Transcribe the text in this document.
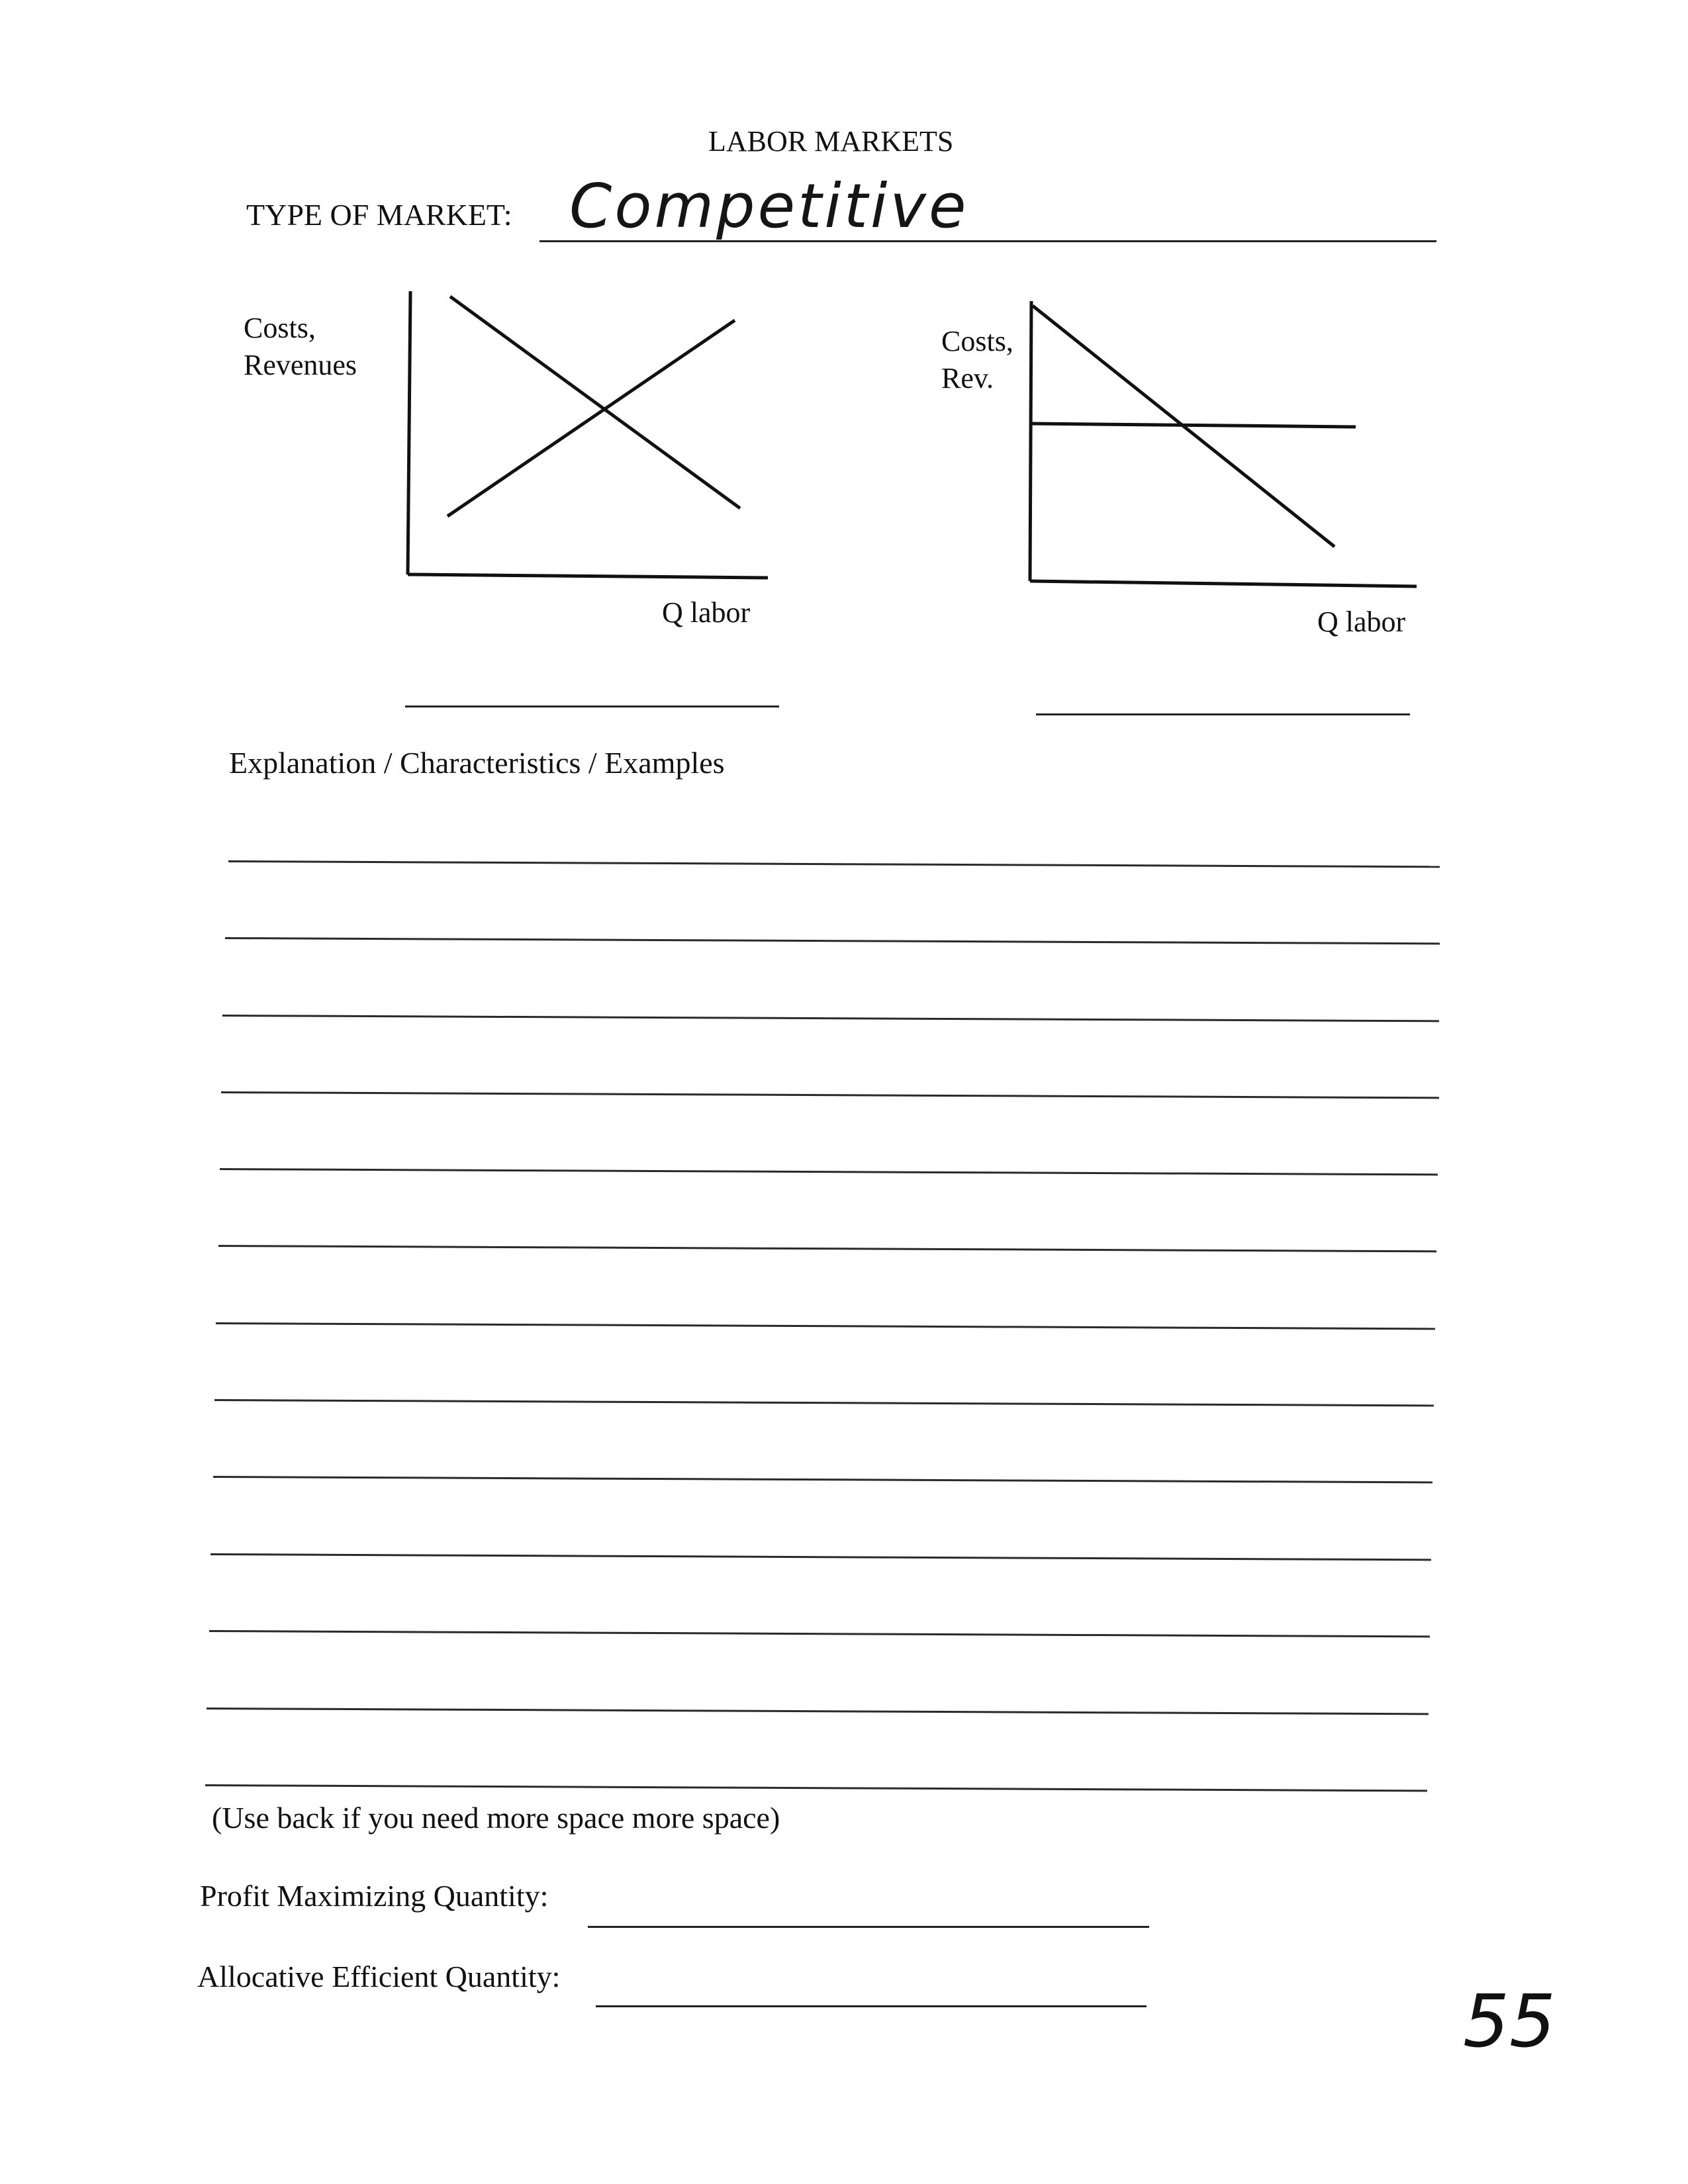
LABOR MARKETS
TYPE OF MARKET: Competitive
Costs,
Revenues
Q labor
Costs,
Rev.
Q labor
Explanation / Characteristics / Examples
(Use back if you need more space more space)
Profit Maximizing Quantity:
Allocative Efficient Quantity:
55
